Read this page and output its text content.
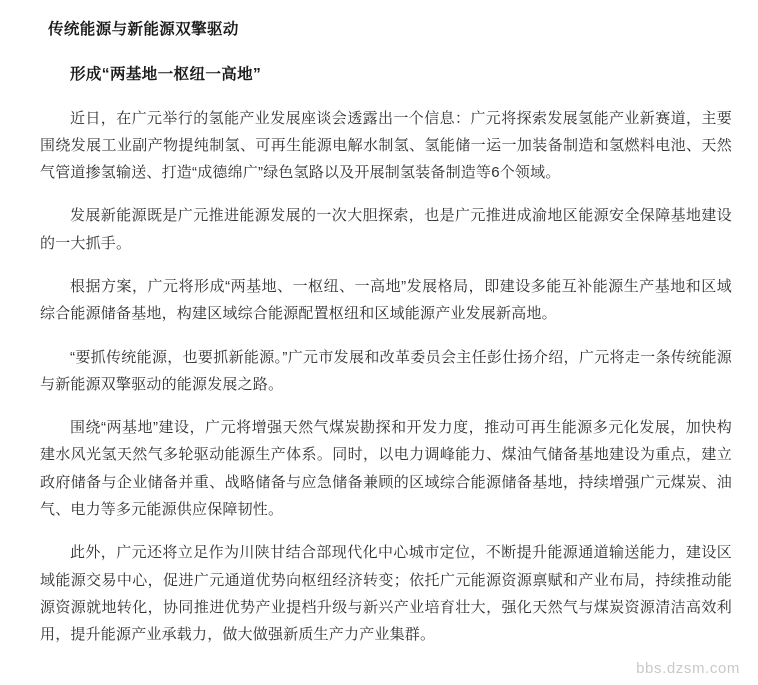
传统能源与新能源双擎驱动
形成“两基地一枢纽一高地”

近日，在广元举行的氢能产业发展座谈会透露出一个信息：广元将探索发展氢能产业新赛道，主要围绕发展工业副产物提纯制氢、可再生能源电解水制氢、氢能储一运一加装备制造和氢燃料电池、天然气管道掺氢输送、打造“成德绵广”绿色氢路以及开展制氢装备制造等6个领域。

发展新能源既是广元推进能源发展的一次大胆探索，也是广元推进成渝地区能源安全保障基地建设的一大抓手。

根据方案，广元将形成“两基地、一枢纽、一高地”发展格局，即建设多能互补能源生产基地和区域综合能源储备基地，构建区域综合能源配置枢纽和区域能源产业发展新高地。

“要抓传统能源，也要抓新能源。”广元市发展和改革委员会主任彭仕扬介绍，广元将走一条传统能源与新能源双擎驱动的能源发展之路。

围绕“两基地”建设，广元将增强天然气煤炭勘探和开发力度，推动可再生能源多元化发展，加快构建水风光氢天然气多轮驱动能源生产体系。同时，以电力调峰能力、煤油气储备基地建设为重点，建立政府储备与企业储备并重、战略储备与应急储备兼顾的区域综合能源储备基地，持续增强广元煤炭、油气、电力等多元能源供应保障韧性。

此外，广元还将立足作为川陕甘结合部现代化中心城市定位，不断提升能源通道输送能力，建设区域能源交易中心，促进广元通道优势向枢纽经济转变；依托广元能源资源禀赋和产业布局，持续推动能源资源就地转化，协同推进优势产业提档升级与新兴产业培育壮大，强化天然气与煤炭资源清洁高效利用，提升能源产业承载力，做大做强新质生产力产业集群。

bbs.dzsm.com
